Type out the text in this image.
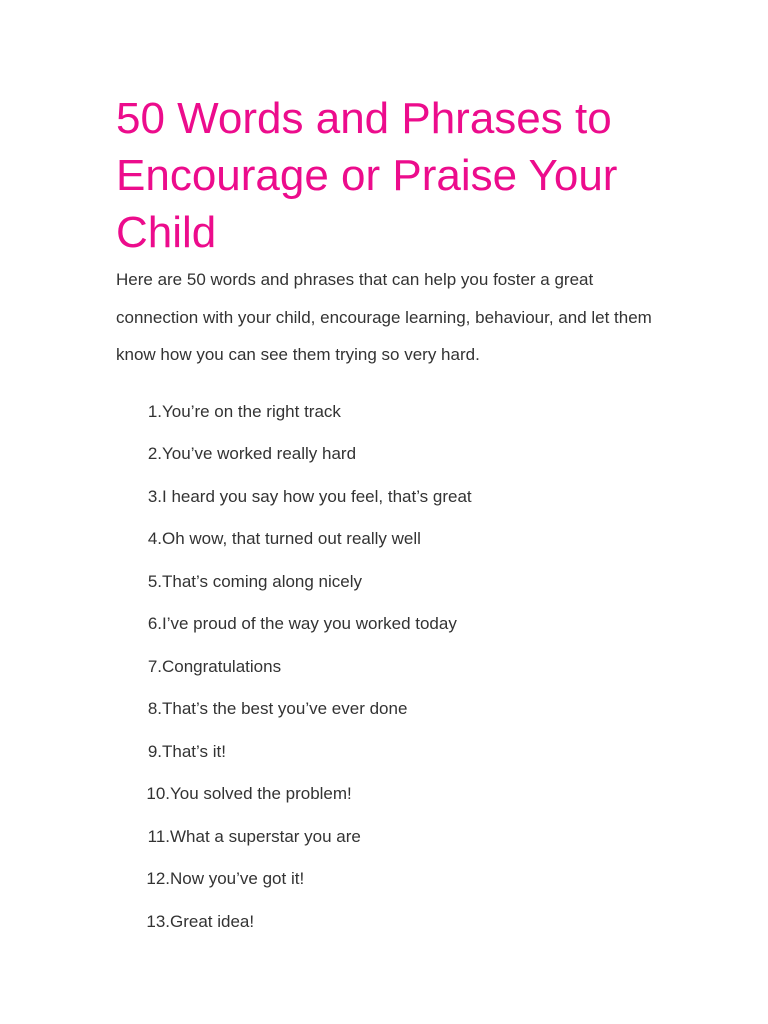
50 Words and Phrases to Encourage or Praise Your Child

Here are 50 words and phrases that can help you foster a great connection with your child, encourage learning, behaviour, and let them know how you can see them trying so very hard.

1. You’re on the right track
2. You’ve worked really hard
3. I heard you say how you feel, that’s great
4. Oh wow, that turned out really well
5. That’s coming along nicely
6. I’ve proud of the way you worked today
7. Congratulations
8. That’s the best you’ve ever done
9. That’s it!
10. You solved the problem!
11. What a superstar you are
12. Now you’ve got it!
13. Great idea!
